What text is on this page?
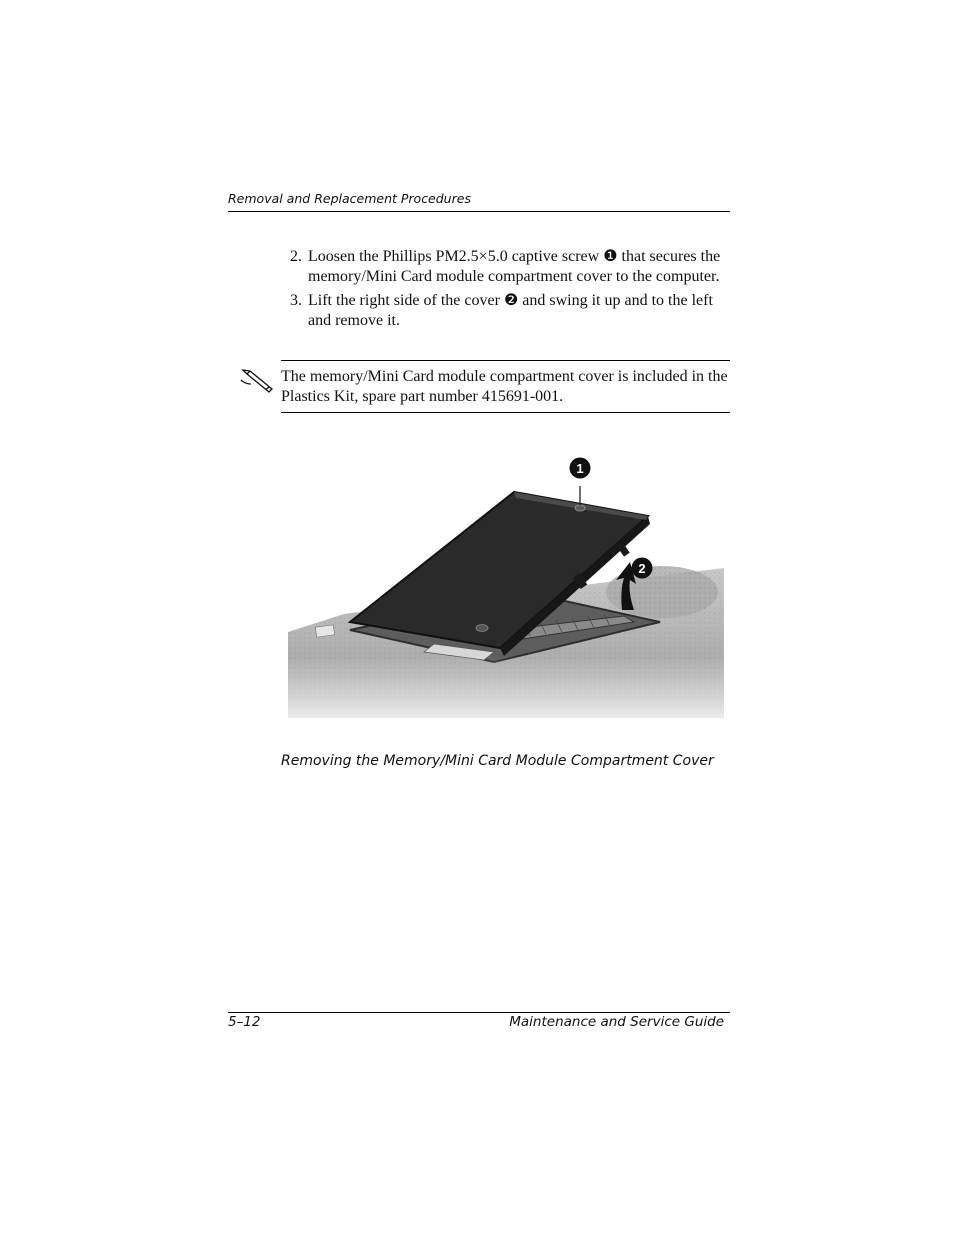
Removal and Replacement Procedures
2. Loosen the Phillips PM2.5×5.0 captive screw ❶ that secures the memory/Mini Card module compartment cover to the computer.
3. Lift the right side of the cover ❷ and swing it up and to the left and remove it.
The memory/Mini Card module compartment cover is included in the Plastics Kit, spare part number 415691-001.
Removing the Memory/Mini Card Module Compartment Cover
5–12	Maintenance and Service Guide
